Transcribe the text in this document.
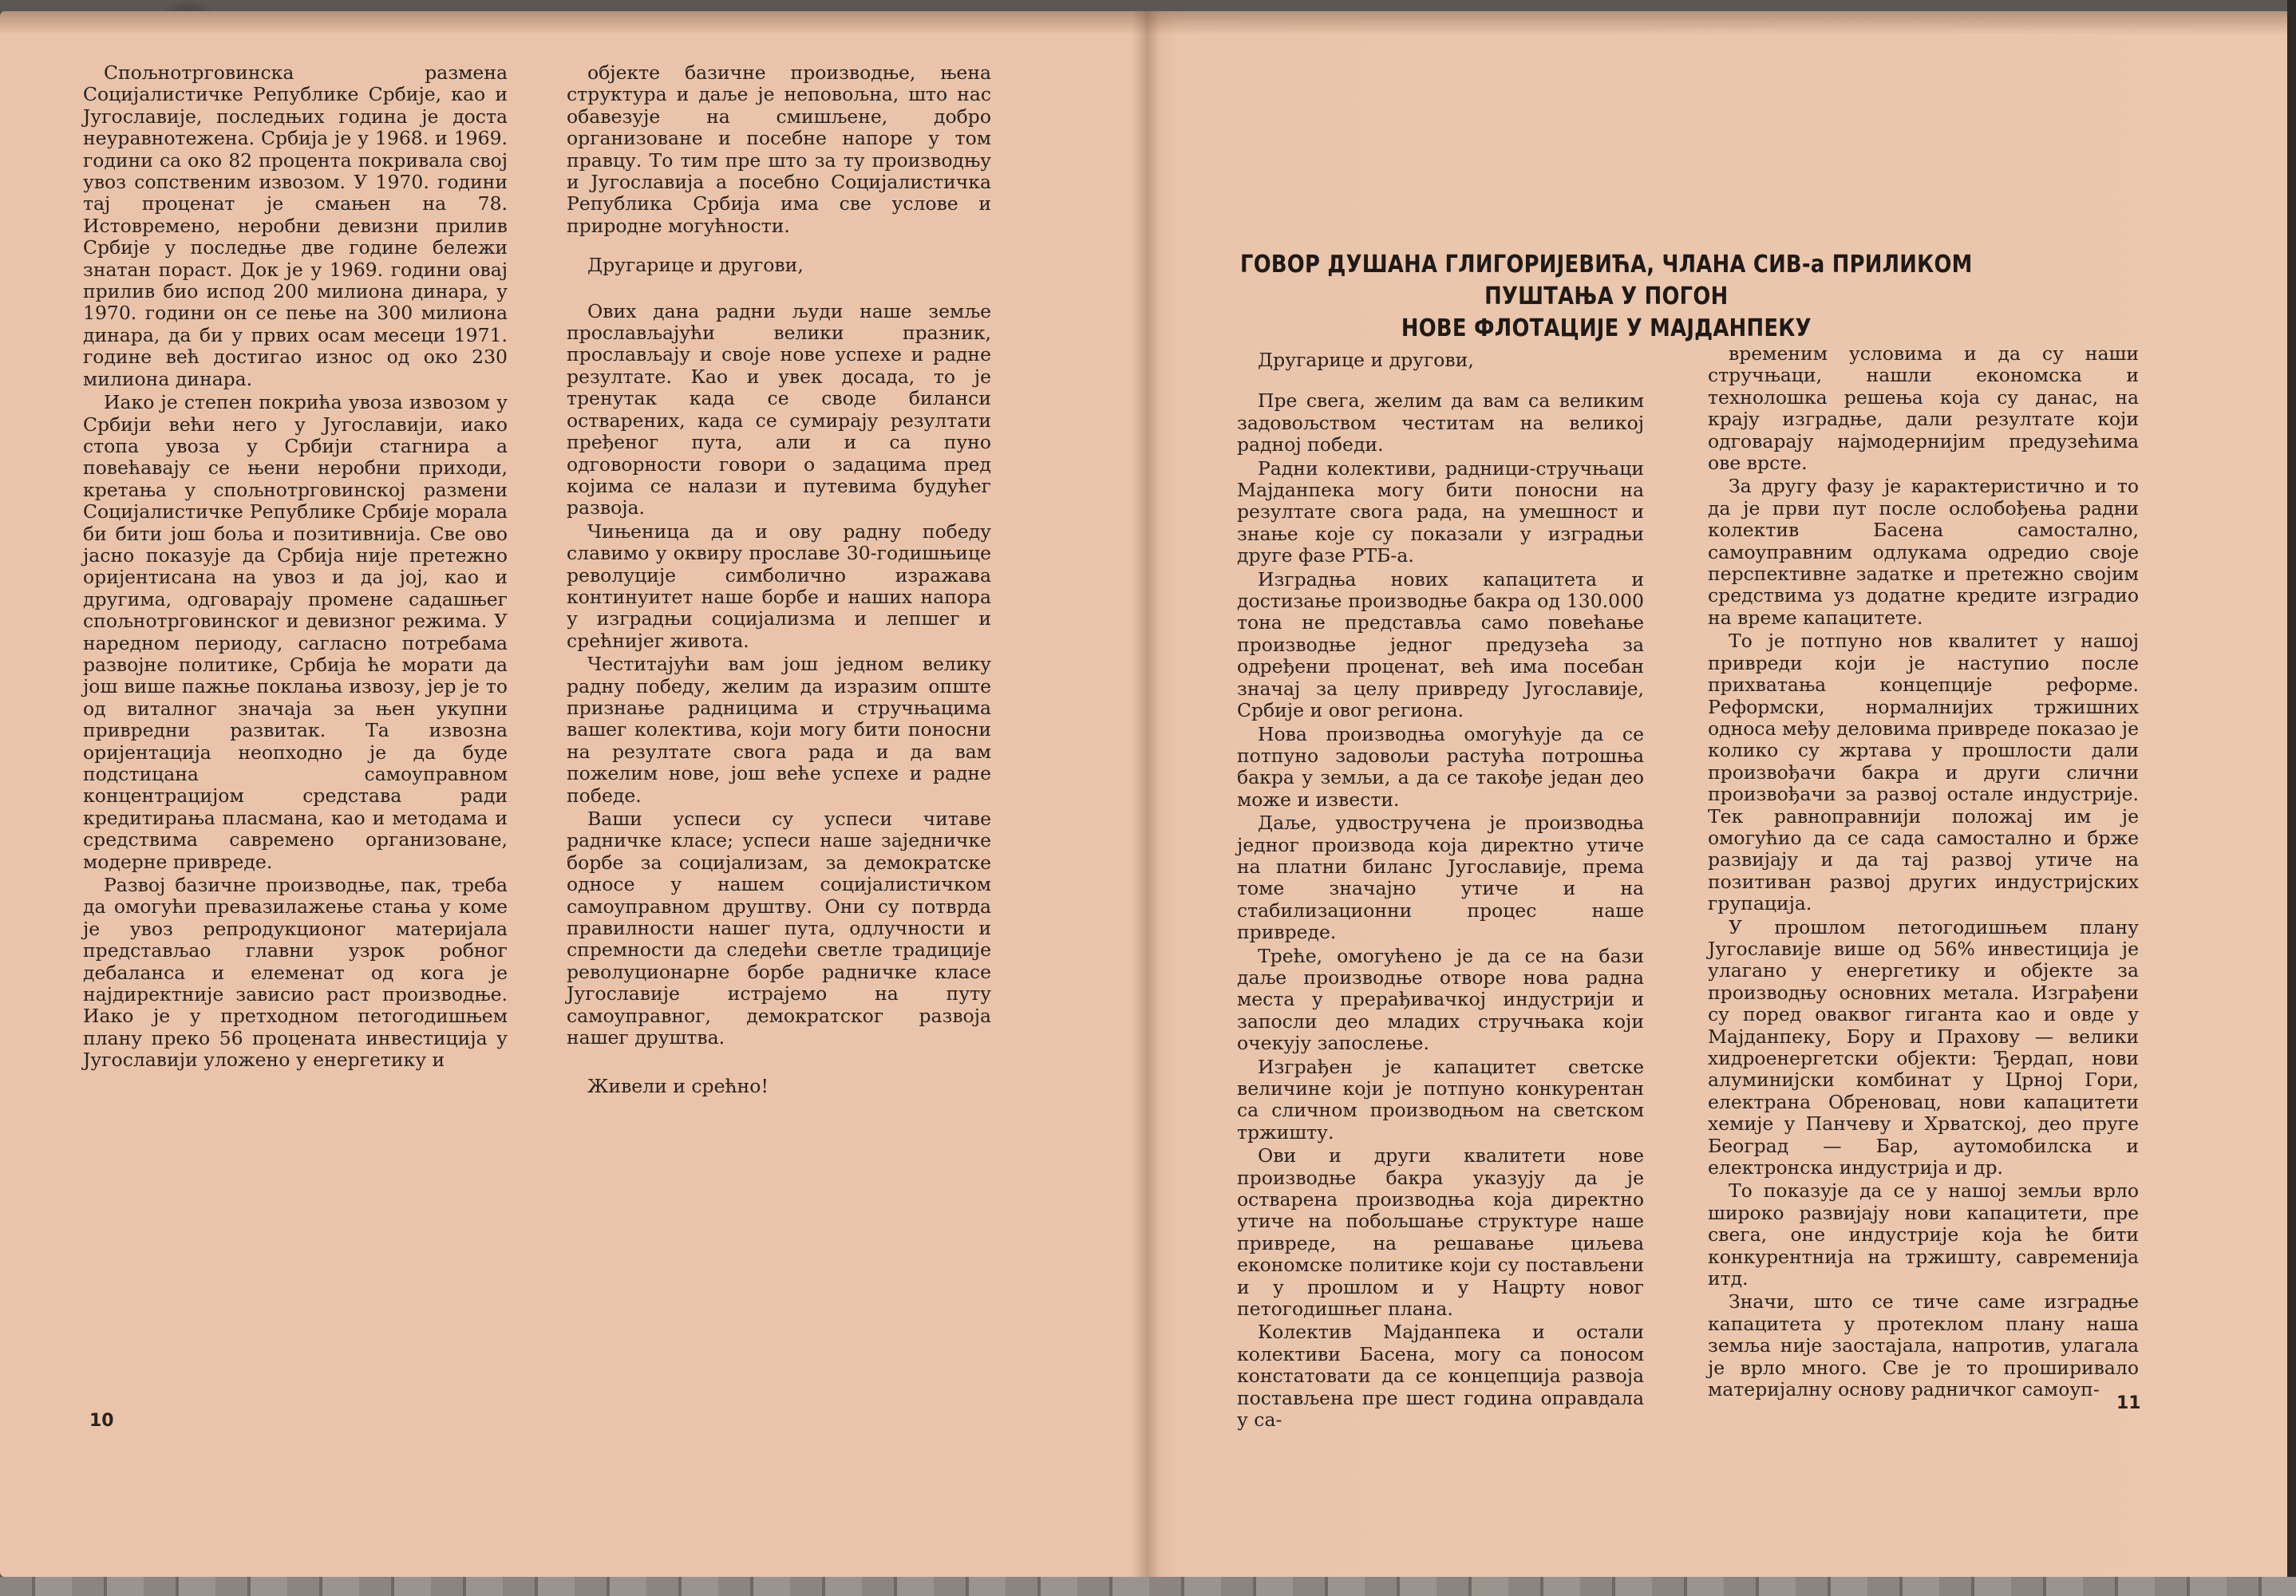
Спољнотрговинска размена Социјалистичке Републике Србије, као и Југославије, последњих година је доста неуравнотежена. Србија је у 1968. и 1969. години са око 82 процента покривала свој увоз сопственим извозом. У 1970. години тај проценат је смањен на 78. Истовремено, неробни девизни прилив Србије у последње две године бележи знатан пораст. Док је у 1969. години овај прилив био испод 200 милиона динара, у 1970. години он се пење на 300 милиона динара, да би у првих осам месеци 1971. године већ достигао износ од око 230 милиона динара.

Иако је степен покрића увоза извозом у Србији већи него у Југославији, иако стопа увоза у Србији стагнира а повећавају се њени неробни приходи, кретања у спољнотрговинској размени Социјалистичке Републике Србије морала би бити још боља и позитивнија. Све ово јасно показује да Србија није претежно оријентисана на увоз и да јој, као и другима, одговарају промене садашњег спољнотрговинског и девизног режима. У наредном периоду, сагласно потребама развојне политике, Србија ће морати да још више пажње поклања извозу, јер је то од виталног значаја за њен укупни привредни развитак. Та извозна оријентација неопходно је да буде подстицана самоуправном концентрацијом средстава ради кредитирања пласмана, као и методама и средствима савремено организоване, модерне привреде.

Развој базичне производње, пак, треба да омогући превазилажење стања у коме је увоз репродукционог материјала представљао главни узрок робног дебаланса и елеменат од кога је најдиректније зависио раст производње. Иако је у претходном петогодишњем плану преко 56 процената инвестиција у Југославији уложено у енергетику и

објекте базичне производње, њена структура и даље је неповољна, што нас обавезује на смишљене, добро организоване и посебне напоре у том правцу. То тим пре што за ту производњу и Југославија а посебно Социјалистичка Република Србија има све услове и природне могућности.

Другарице и другови,

Ових дана радни људи наше земље прослављајући велики празник, прослављају и своје нове успехе и радне резултате. Као и увек досада, то је тренутак када се своде биланси остварених, када се сумирају резултати пређеног пута, али и са пуно одговорности говори о задацима пред којима се налази и путевима будућег развоја.

Чињеница да и ову радну победу славимо у оквиру прославе 30-годишњице револуције симболично изражава континуитет наше борбе и наших напора у изградњи социјализма и лепшег и срећнијег живота.

Честитајући вам још једном велику радну победу, желим да изразим опште признање радницима и стручњацима вашег колектива, који могу бити поносни на резултате свога рада и да вам пожелим нове, још веће успехе и радне победе.

Ваши успеси су успеси читаве радничке класе; успеси наше заједничке борбе за социјализам, за демократске односе у нашем социјалистичком самоуправном друштву. Они су потврда правилности нашег пута, одлучности и спремности да следећи светле традиције револуционарне борбе радничке класе Југославије истрајемо на путу самоуправног, демократског развоја нашег друштва.

Живели и срећно!

10
ГОВОР ДУШАНА ГЛИГОРИЈЕВИЋА, ЧЛАНА СИВ-а ПРИЛИКОМ ПУШТАЊА У ПОГОН
НОВЕ ФЛОТАЦИЈЕ У МАЈДАНПЕКУ

Другарице и другови,

Пре свега, желим да вам са великим задовољством честитам на великој радној победи.

Радни колективи, радници-стручњаци Мајданпека могу бити поносни на резултате свога рада, на умешност и знање које су показали у изградњи друге фазе РТБ-а.

Изградња нових капацитета и достизање производње бакра од 130.000 тона не представља само повећање производње једног предузећа за одређени проценат, већ има посебан значај за целу привреду Југославије, Србије и овог региона.

Нова производња омогућује да се потпуно задовољи растућа потрошња бакра у земљи, а да се такође један део може и извести.

Даље, удвостручена је производња једног производа која директно утиче на платни биланс Југославије, према томе значајно утиче и на стабилизационни процес наше привреде.

Треће, омогућено је да се на бази даље производње отворе нова радна места у прерађивачкој индустрији и запосли део младих стручњака који очекују запослење.

Изграђен је капацитет светске величине који је потпуно конкурентан са сличном производњом на светском тржишту.

Ови и други квалитети нове производње бакра указују да је остварена производња која директно утиче на побољшање структуре наше привреде, на решавање циљева економске политике који су постављени и у прошлом и у Нацрту новог петогодишњег плана.

Колектив Мајданпека и остали колективи Басена, могу са поносом констатовати да се концепција развоја постављена пре шест година оправдала у са-

временим условима и да су наши стручњаци, нашли економска и технолошка решења која су данас, на крају изградње, дали резултате који одговарају најмодернијим предузећима ове врсте.

За другу фазу је карактеристично и то да је први пут после ослобођења радни колектив Басена самостално, самоуправним одлукама одредио своје перспективне задатке и претежно својим средствима уз додатне кредите изградио на време капацитете.

То је потпуно нов квалитет у нашој привреди који је наступио после прихватања концепције реформе. Реформски, нормалнијих тржишних односа међу деловима привреде показао је колико су жртава у прошлости дали произвођачи бакра и други слични произвођачи за развој остале индустрије. Тек равноправнији положај им је омогућио да се сада самостално и брже развијају и да тај развој утиче на позитиван развој других индустријских групација.

У прошлом петогодишњем плану Југославије више од 56% инвестиција је улагано у енергетику и објекте за производњу основних метала. Изграђени су поред оваквог гиганта као и овде у Мајданпеку, Бору и Прахову — велики хидроенергетски објекти: Ђердап, нови алуминијски комбинат у Црној Гори, електрана Обреновац, нови капацитети хемије у Панчеву и Хрватској, део пруге Београд — Бар, аутомобилска и електронска индустрија и др.

То показује да се у нашој земљи врло широко развијају нови капацитети, пре свега, оне индустрије која ће бити конкурентнија на тржишту, савременија итд.

Значи, што се тиче саме изградње капацитета у протеклом плану наша земља није заостајала, напротив, улагала је врло много. Све је то проширивало материјалну основу радничког самоуп-

11
